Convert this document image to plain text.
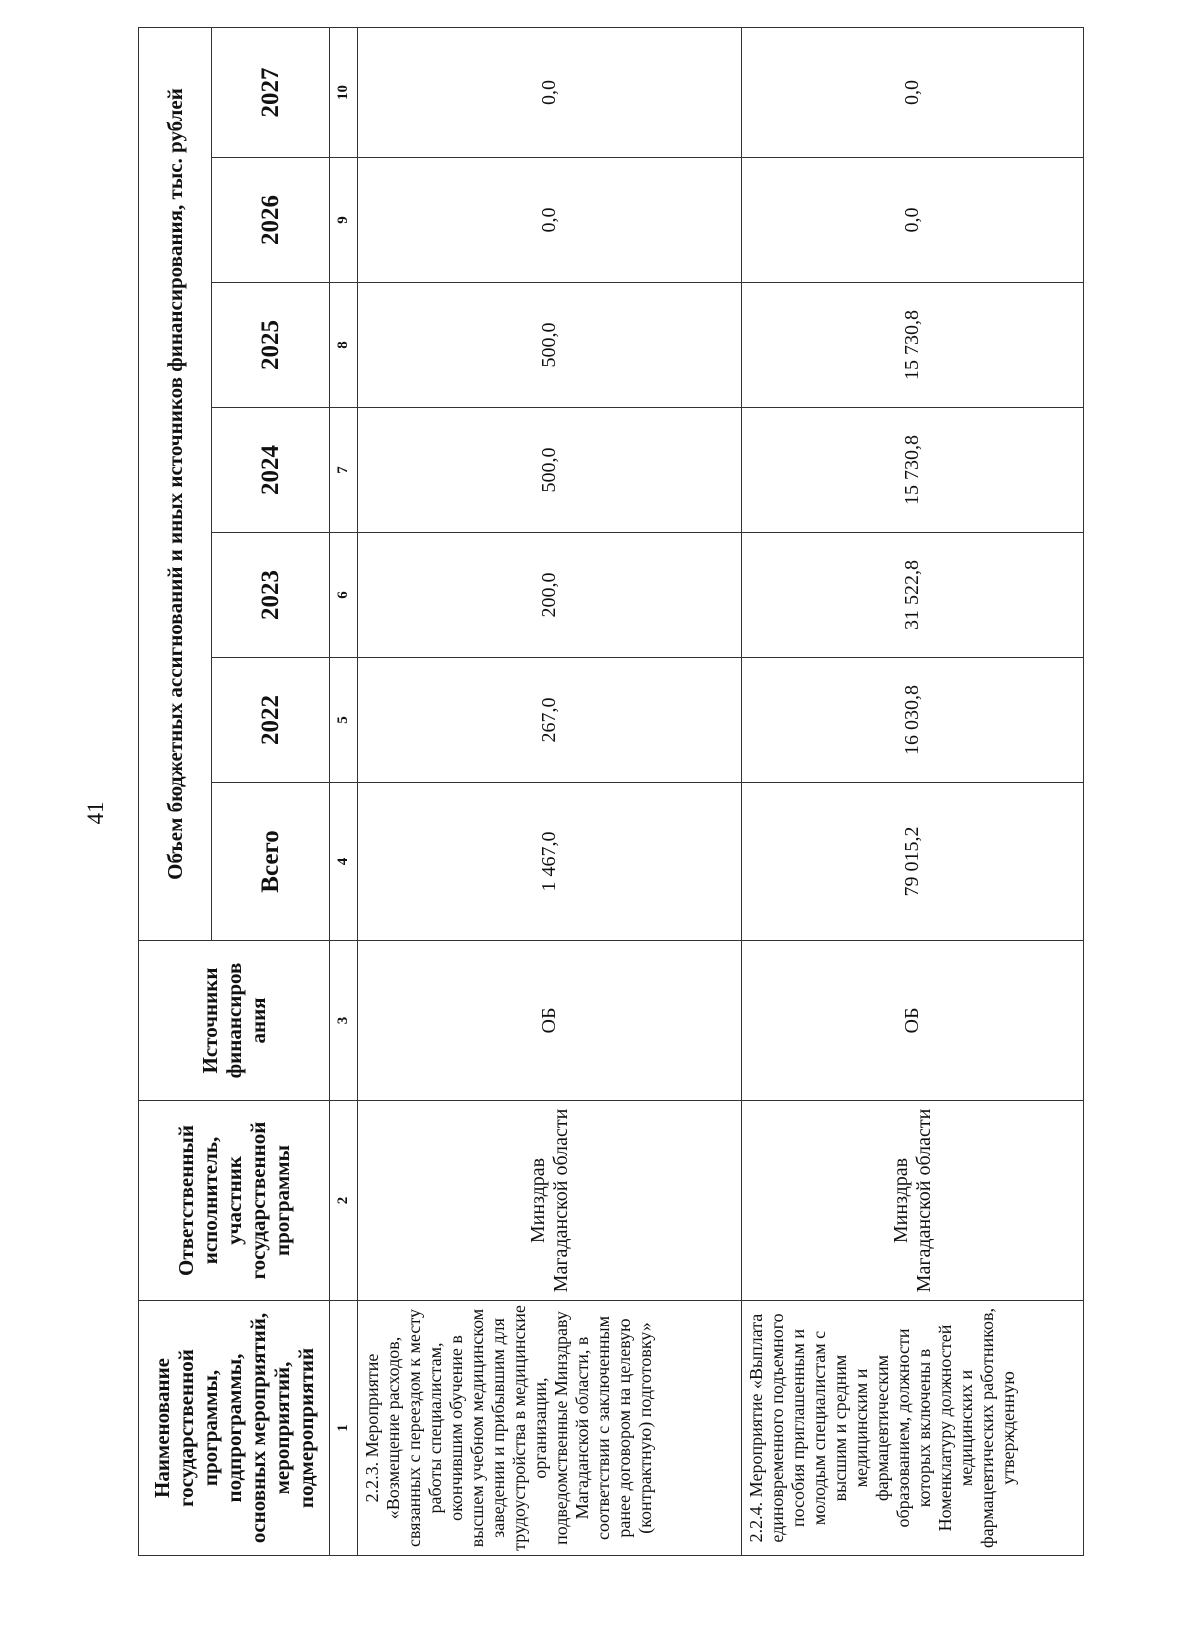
41
Наименование государственной программы, подпрограммы, основных мероприятий, мероприятий, подмероприятий	Ответственный исполнитель, участник государственной программы	Источники финансиров ания	Объем бюджетных ассигнований и иных источников финансирования, тыс. рублей						
			Всего	2022	2023	2024	2025	2026	2027
1	2	3	4	5	6	7	8	9	10
2.2.3. Мероприятие «Возмещение расходов, связанных с переездом к месту работы специалистам, окончившим обучение в высшем учебном медицинском заведении и прибывшим для трудоустройства в медицинские организации, подведомственные Минздраву Магаданской области, в соответствии с заключенным ранее договором на целевую (контрактную) подготовку»	Минздрав Магаданской области	ОБ	1 467,0	267,0	200,0	500,0	500,0	0,0	0,0
2.2.4. Мероприятие «Выплата единовременного подъемного пособия приглашенным и молодым специалистам с высшим и средним медицинским и фармацевтическим образованием, должности которых включены в Номенклатуру должностей медицинских и фармацевтических работников, утвержденную	Минздрав Магаданской области	ОБ	79 015,2	16 030,8	31 522,8	15 730,8	15 730,8	0,0	0,0
